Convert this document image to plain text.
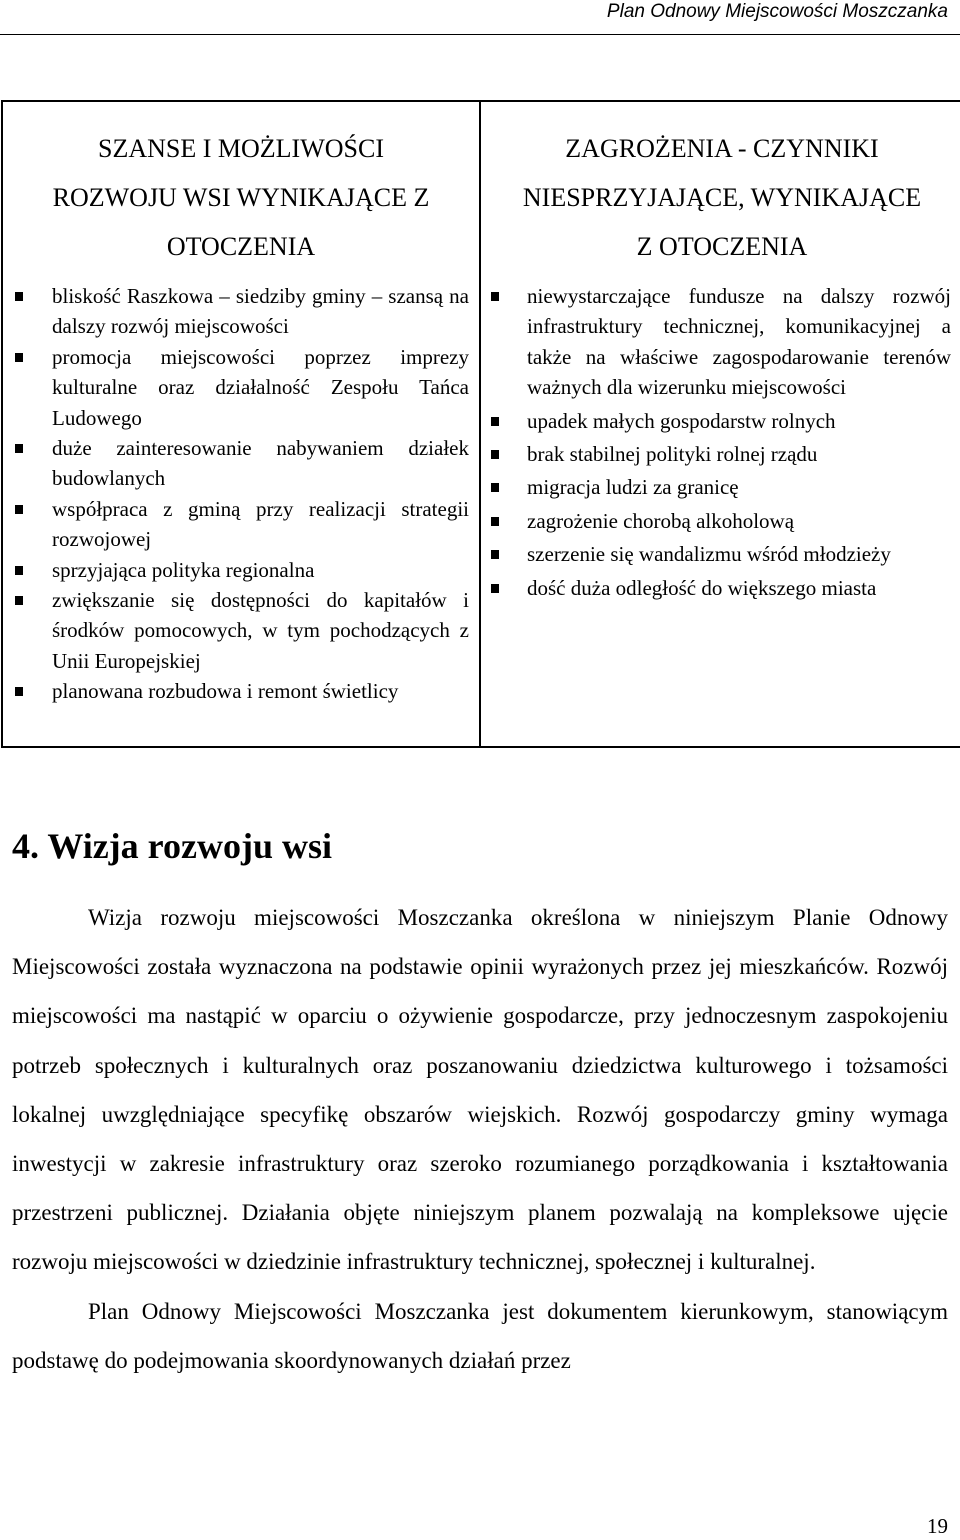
Plan Odnowy Miejscowości Moszczanka
SZANSE I MOŻLIWOŚCI
ROZWOJU WSI WYNIKAJĄCE Z
OTOCZENIA
bliskość Raszkowa – siedziby gminy – szansą na dalszy rozwój miejscowości
promocja miejscowości poprzez imprezy kulturalne oraz działalność Zespołu Tańca Ludowego
duże zainteresowanie nabywaniem działek budowlanych
współpraca z gminą przy realizacji strategii rozwojowej
sprzyjająca polityka regionalna
zwiększanie się dostępności do kapitałów i środków pomocowych, w tym pochodzących z Unii Europejskiej
planowana rozbudowa i remont świetlicy

ZAGROŻENIA - CZYNNIKI
NIESPRZYJAJĄCE, WYNIKAJĄCE
Z OTOCZENIA
niewystarczające fundusze na dalszy rozwój infrastruktury technicznej, komunikacyjnej a także na właściwe zagospodarowanie terenów ważnych dla wizerunku miejscowości
upadek małych gospodarstw rolnych
brak stabilnej polityki rolnej rządu
migracja ludzi za granicę
zagrożenie chorobą alkoholową
szerzenie się wandalizmu wśród młodzieży
dość duża odległość do większego miasta
4. Wizja rozwoju wsi

Wizja rozwoju miejscowości Moszczanka określona w niniejszym Planie Odnowy Miejscowości została wyznaczona na podstawie opinii wyrażonych przez jej mieszkańców. Rozwój miejscowości ma nastąpić w oparciu o ożywienie gospodarcze, przy jednoczesnym zaspokojeniu potrzeb społecznych i kulturalnych oraz poszanowaniu dziedzictwa kulturowego i tożsamości lokalnej uwzględniające specyfikę obszarów wiejskich. Rozwój gospodarczy gminy wymaga inwestycji w zakresie infrastruktury oraz szeroko rozumianego porządkowania i kształtowania przestrzeni publicznej. Działania objęte niniejszym planem pozwalają na kompleksowe ujęcie rozwoju miejscowości w dziedzinie infrastruktury technicznej, społecznej i kulturalnej.

Plan Odnowy Miejscowości Moszczanka jest dokumentem kierunkowym, stanowiącym podstawę do podejmowania skoordynowanych działań przez

19
